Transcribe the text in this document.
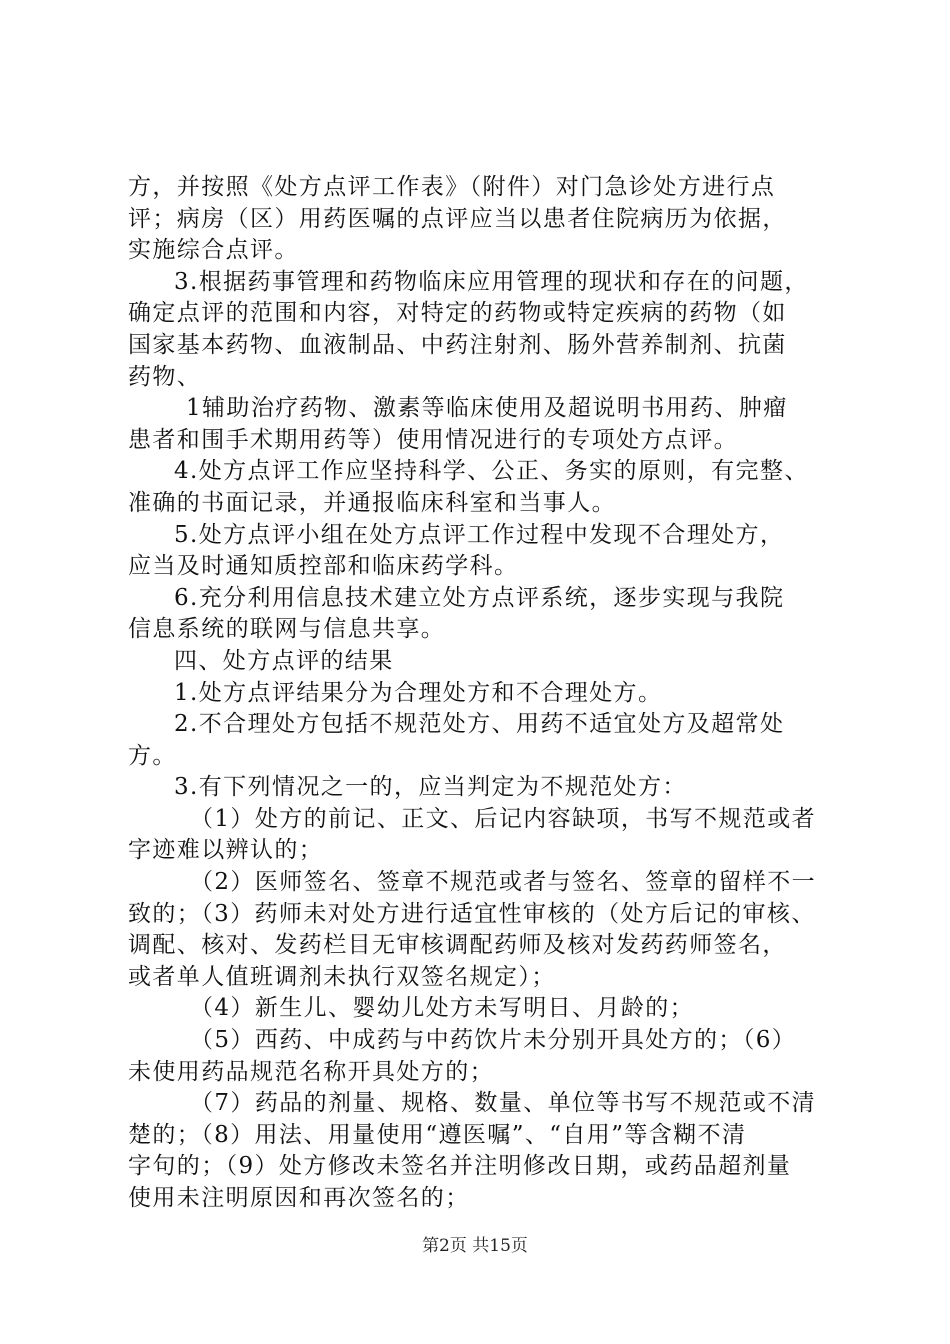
方，并按照《处方点评工作表》（附件）对门急诊处方进行点
评；病房（区）用药医嘱的点评应当以患者住院病历为依据，
实施综合点评。
3.根据药事管理和药物临床应用管理的现状和存在的问题，
确定点评的范围和内容，对特定的药物或特定疾病的药物（如
国家基本药物、血液制品、中药注射剂、肠外营养制剂、抗菌
药物、
1辅助治疗药物、激素等临床使用及超说明书用药、肿瘤
患者和围手术期用药等）使用情况进行的专项处方点评。
4.处方点评工作应坚持科学、公正、务实的原则，有完整、
准确的书面记录，并通报临床科室和当事人。
5.处方点评小组在处方点评工作过程中发现不合理处方，
应当及时通知质控部和临床药学科。
6.充分利用信息技术建立处方点评系统，逐步实现与我院
信息系统的联网与信息共享。
四、处方点评的结果
1.处方点评结果分为合理处方和不合理处方。
2.不合理处方包括不规范处方、用药不适宜处方及超常处
方。
3.有下列情况之一的，应当判定为不规范处方：
（1）处方的前记、正文、后记内容缺项，书写不规范或者
字迹难以辨认的；
（2）医师签名、签章不规范或者与签名、签章的留样不一
致的；（3）药师未对处方进行适宜性审核的（处方后记的审核、
调配、核对、发药栏目无审核调配药师及核对发药药师签名，
或者单人值班调剂未执行双签名规定）；
（4）新生儿、婴幼儿处方未写明日、月龄的；
（5）西药、中成药与中药饮片未分别开具处方的；（6）
未使用药品规范名称开具处方的；
（7）药品的剂量、规格、数量、单位等书写不规范或不清
楚的；（8）用法、用量使用“遵医嘱”、“自用”等含糊不清
字句的；（9）处方修改未签名并注明修改日期，或药品超剂量
使用未注明原因和再次签名的；
第2页 共15页
